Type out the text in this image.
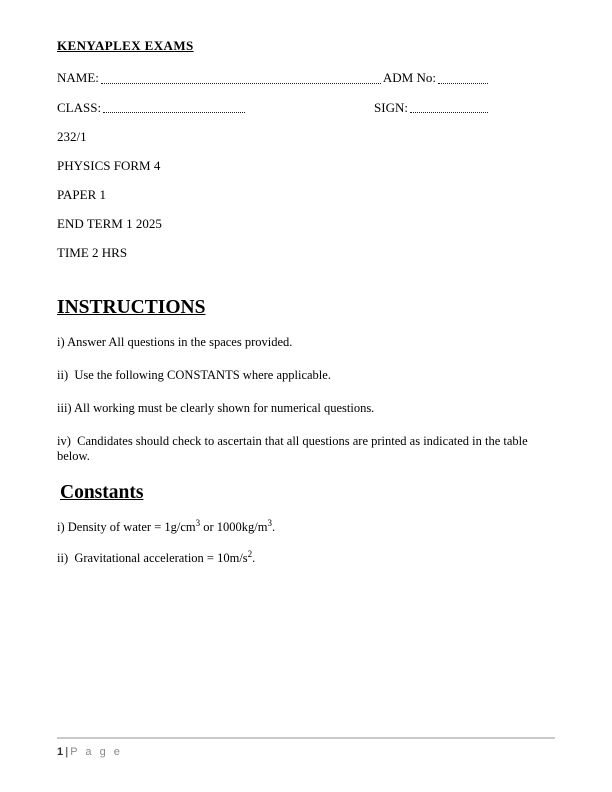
KENYAPLEX EXAMS
NAME:	ADM No:
CLASS:	SIGN:

232/1

PHYSICS FORM 4

PAPER 1

END TERM 1 2025

TIME 2 HRS

INSTRUCTIONS

i) Answer All questions in the spaces provided.

ii)  Use the following CONSTANTS where applicable.

iii) All working must be clearly shown for numerical questions.

iv)  Candidates should check to ascertain that all questions are printed as indicated in the table below.

Constants

i) Density of water = $1g/cm^3$ or $1000kg/m^3$.

ii)  Gravitational acceleration = $10m/s^2$.

1 | P a g e
